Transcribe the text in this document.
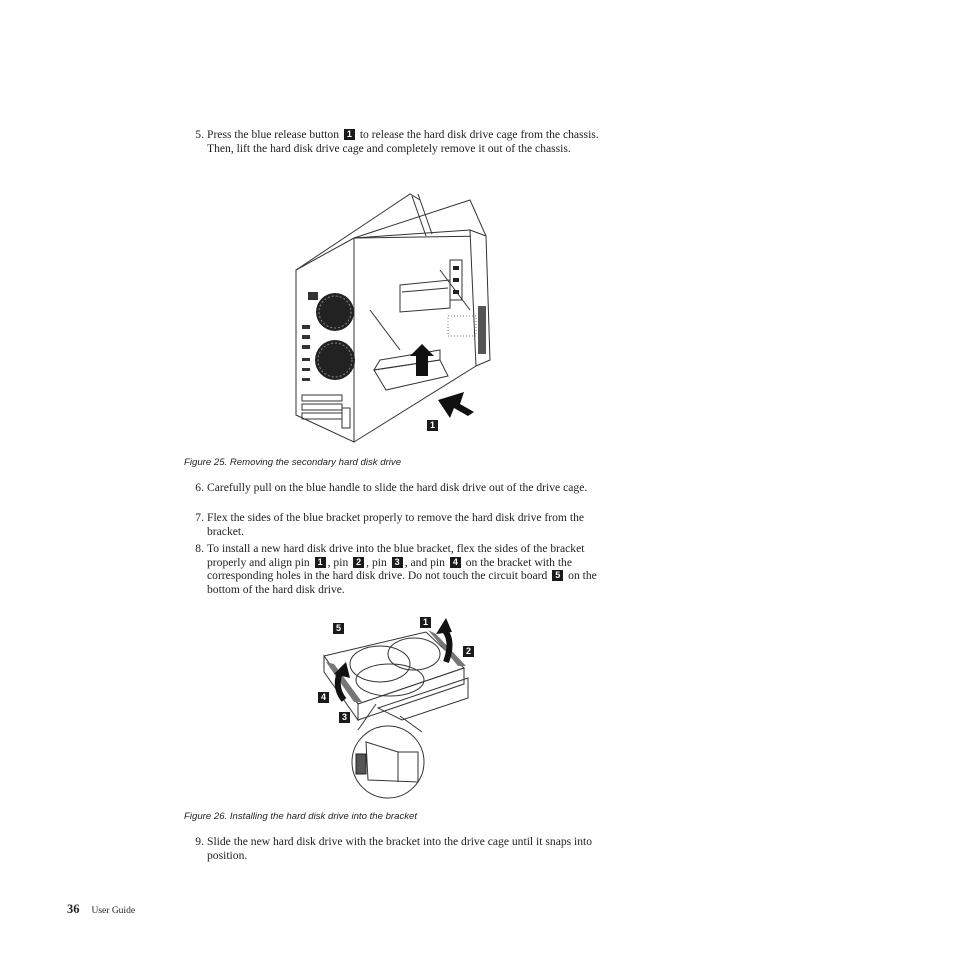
5. Press the blue release button 1 to release the hard disk drive cage from the chassis. Then, lift the hard disk drive cage and completely remove it out of the chassis.
1
Figure 25. Removing the secondary hard disk drive
6. Carefully pull on the blue handle to slide the hard disk drive out of the drive cage.
7. Flex the sides of the blue bracket properly to remove the hard disk drive from the bracket.
8. To install a new hard disk drive into the blue bracket, flex the sides of the bracket properly and align pin 1 , pin 2 , pin 3 , and pin 4 on the bracket with the corresponding holes in the hard disk drive. Do not touch the circuit board 5 on the bottom of the hard disk drive.
5
1
2
4
3
Figure 26. Installing the hard disk drive into the bracket
9. Slide the new hard disk drive with the bracket into the drive cage until it snaps into position.
36 User Guide
